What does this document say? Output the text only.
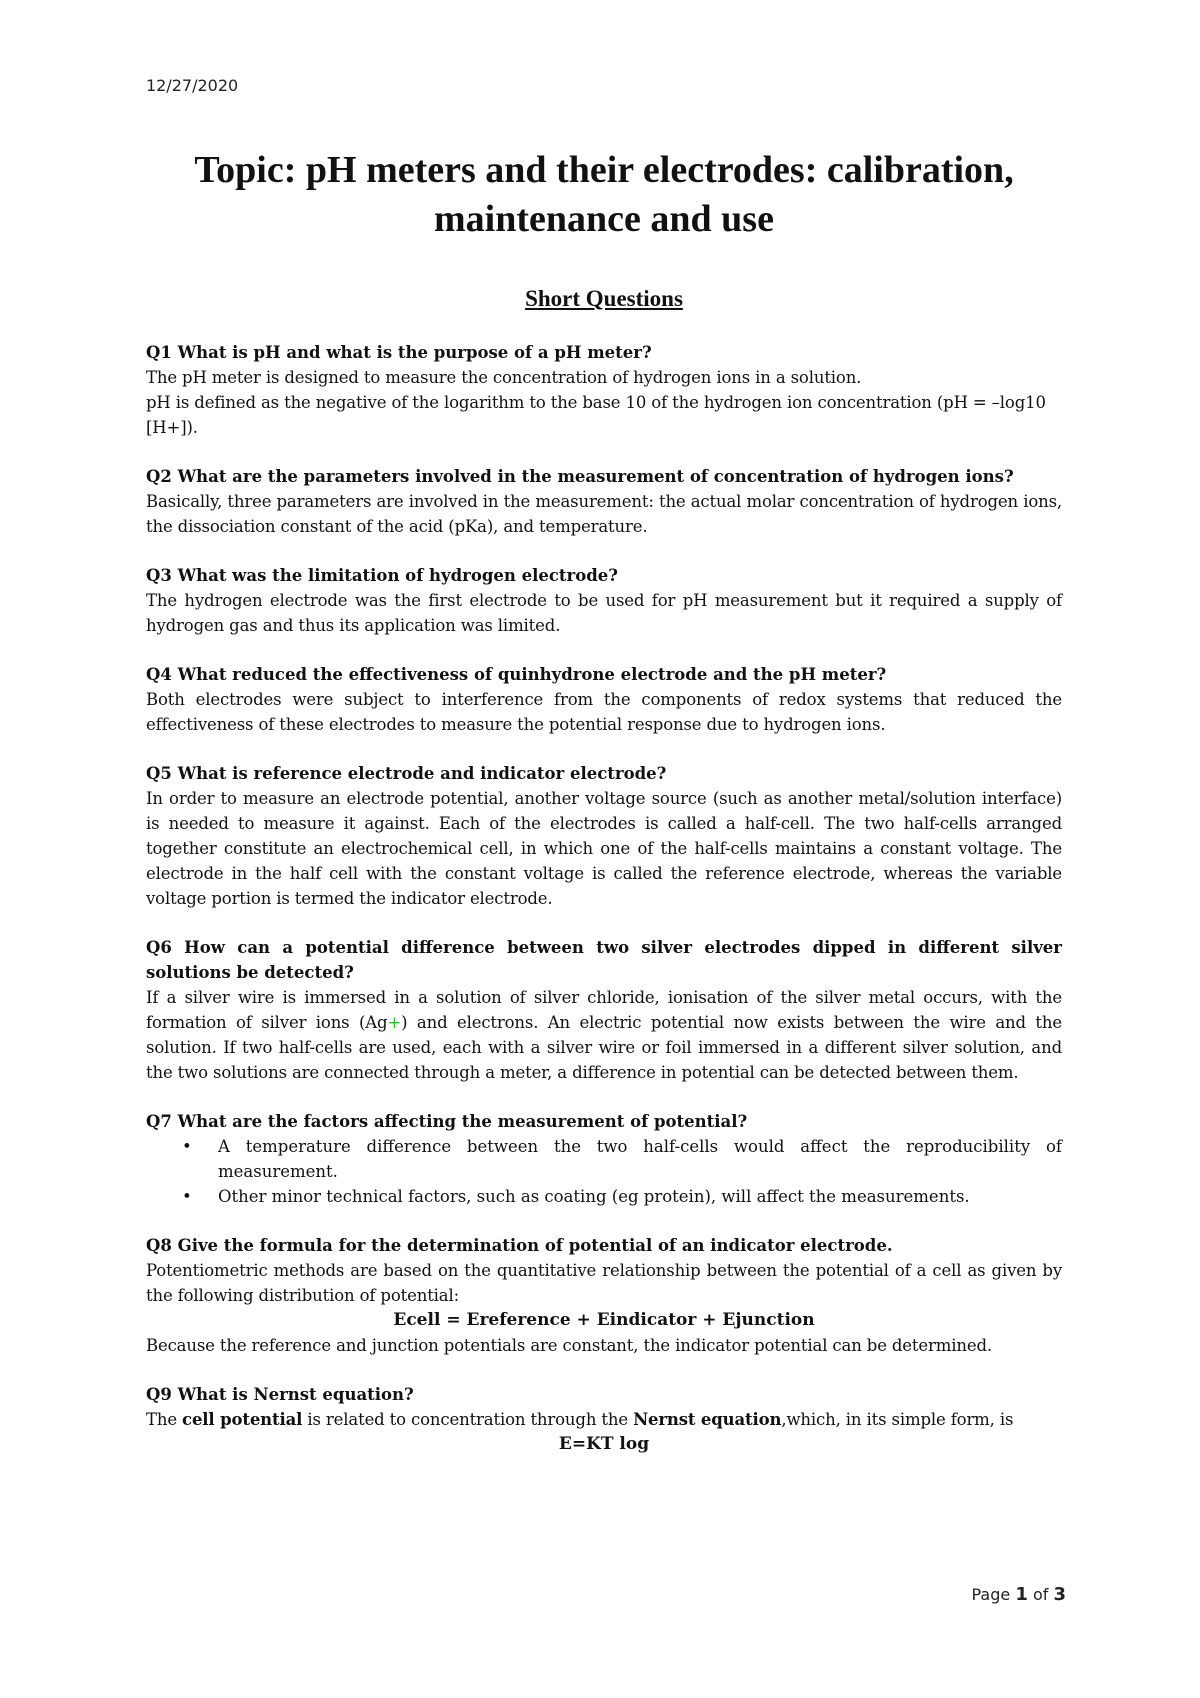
12/27/2020
Topic: pH meters and their electrodes: calibration, maintenance and use
Short Questions

Q1 What is pH and what is the purpose of a pH meter?

The pH meter is designed to measure the concentration of hydrogen ions in a solution.

pH is defined as the negative of the logarithm to the base 10 of the hydrogen ion concentration (pH = –log10 [H+]).

Q2 What are the parameters involved in the measurement of concentration of hydrogen ions?

Basically, three parameters are involved in the measurement: the actual molar concentration of hydrogen ions, the dissociation constant of the acid (pKa), and temperature.

Q3 What was the limitation of hydrogen electrode?

The hydrogen electrode was the first electrode to be used for pH measurement but it required a supply of hydrogen gas and thus its application was limited.

Q4 What reduced the effectiveness of quinhydrone electrode and the pH meter?

Both electrodes were subject to interference from the components of redox systems that reduced the effectiveness of these electrodes to measure the potential response due to hydrogen ions.

Q5 What is reference electrode and indicator electrode?

In order to measure an electrode potential, another voltage source (such as another metal/solution interface) is needed to measure it against. Each of the electrodes is called a half-cell. The two half-cells arranged together constitute an electrochemical cell, in which one of the half-cells maintains a constant voltage. The electrode in the half cell with the constant voltage is called the reference electrode, whereas the variable voltage portion is termed the indicator electrode.

Q6 How can a potential difference between two silver electrodes dipped in different silver solutions be detected?

If a silver wire is immersed in a solution of silver chloride, ionisation of the silver metal occurs, with the formation of silver ions (Ag+) and electrons. An electric potential now exists between the wire and the solution. If two half-cells are used, each with a silver wire or foil immersed in a different silver solution, and the two solutions are connected through a meter, a difference in potential can be detected between them.

Q7 What are the factors affecting the measurement of potential?

• A temperature difference between the two half-cells would affect the reproducibility of measurement.
• Other minor technical factors, such as coating (eg protein), will affect the measurements.

Q8 Give the formula for the determination of potential of an indicator electrode.

Potentiometric methods are based on the quantitative relationship between the potential of a cell as given by the following distribution of potential:

Ecell = Ereference + Eindicator + Ejunction

Because the reference and junction potentials are constant, the indicator potential can be determined.

Q9 What is Nernst equation?

The cell potential is related to concentration through the Nernst equation,which, in its simple form, is

E=KT log
Page 1 of 3
